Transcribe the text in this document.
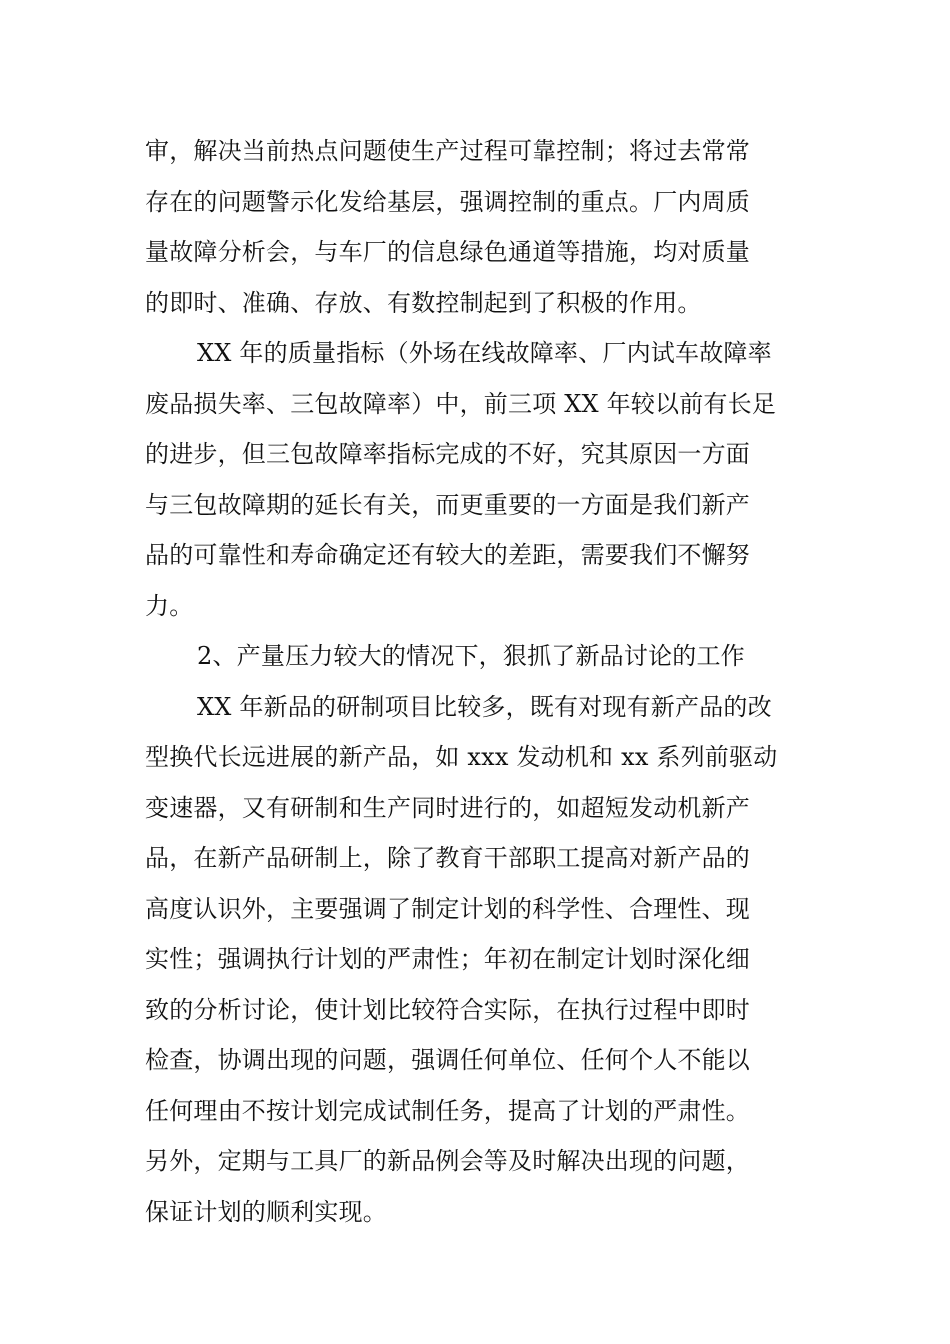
审，解决当前热点问题使生产过程可靠控制；将过去常常
存在的问题警示化发给基层，强调控制的重点。厂内周质
量故障分析会，与车厂的信息绿色通道等措施，均对质量
的即时、准确、存放、有数控制起到了积极的作用。
XX 年的质量指标（外场在线故障率、厂内试车故障率
废品损失率、三包故障率）中，前三项 XX 年较以前有长足
的进步，但三包故障率指标完成的不好，究其原因一方面
与三包故障期的延长有关，而更重要的一方面是我们新产
品的可靠性和寿命确定还有较大的差距，需要我们不懈努
力。
2、产量压力较大的情况下，狠抓了新品讨论的工作
XX 年新品的研制项目比较多，既有对现有新产品的改
型换代长远进展的新产品，如 xxx 发动机和 xx 系列前驱动
变速器，又有研制和生产同时进行的，如超短发动机新产
品，在新产品研制上，除了教育干部职工提高对新产品的
高度认识外，主要强调了制定计划的科学性、合理性、现
实性；强调执行计划的严肃性；年初在制定计划时深化细
致的分析讨论，使计划比较符合实际，在执行过程中即时
检查，协调出现的问题，强调任何单位、任何个人不能以
任何理由不按计划完成试制任务，提高了计划的严肃性。
另外，定期与工具厂的新品例会等及时解决出现的问题，
保证计划的顺利实现。
